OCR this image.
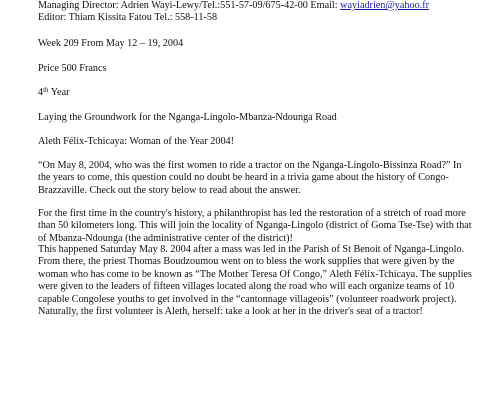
Managing Director: Adrien Wayi-Lewy/Tel.:551-57-09/675-42-00 Email: wayiadrien@yahoo.fr
Editor: Thiam Kissita Fatou Tel.: 558-11-58
Week 209 From May 12 – 19, 2004
Price 500 Francs
4th Year
Laying the Groundwork for the Nganga-Lingolo-Mbanza-Ndounga Road
Aleth Félix-Tchicaya: Woman of the Year 2004!
“On May 8, 2004, who was the first women to ride a tractor on the Nganga-Lingolo-Bissinza Road?” In the years to come, this question could no doubt be heard in a trivia game about the history of Congo-Brazzaville. Check out the story below to read about the answer.
For the first time in the country's history, a philanthropist has led the restoration of a stretch of road more than 50 kilometers long. This will join the locality of Nganga-Lingolo (district of Goma Tse-Tse) with that of Mbanza-Ndounga (the administrative center of the district)!
This happened Saturday May 8. 2004 after a mass was led in the Parish of St Benoit of Nganga-Lingolo. From there, the priest Thomas Boudzoumou went on to bless the work supplies that were given by the woman who has come to be known as “The Mother Teresa Of Congo,” Aleth Félix-Tchicaya. The supplies were given to the leaders of fifteen villages located along the road who will each organize teams of 10 capable Congolese youths to get involved in the “cantonnage villageois” (volunteer roadwork project). Naturally, the first volunteer is Aleth, herself: take a look at her in the driver's seat of a tractor!
